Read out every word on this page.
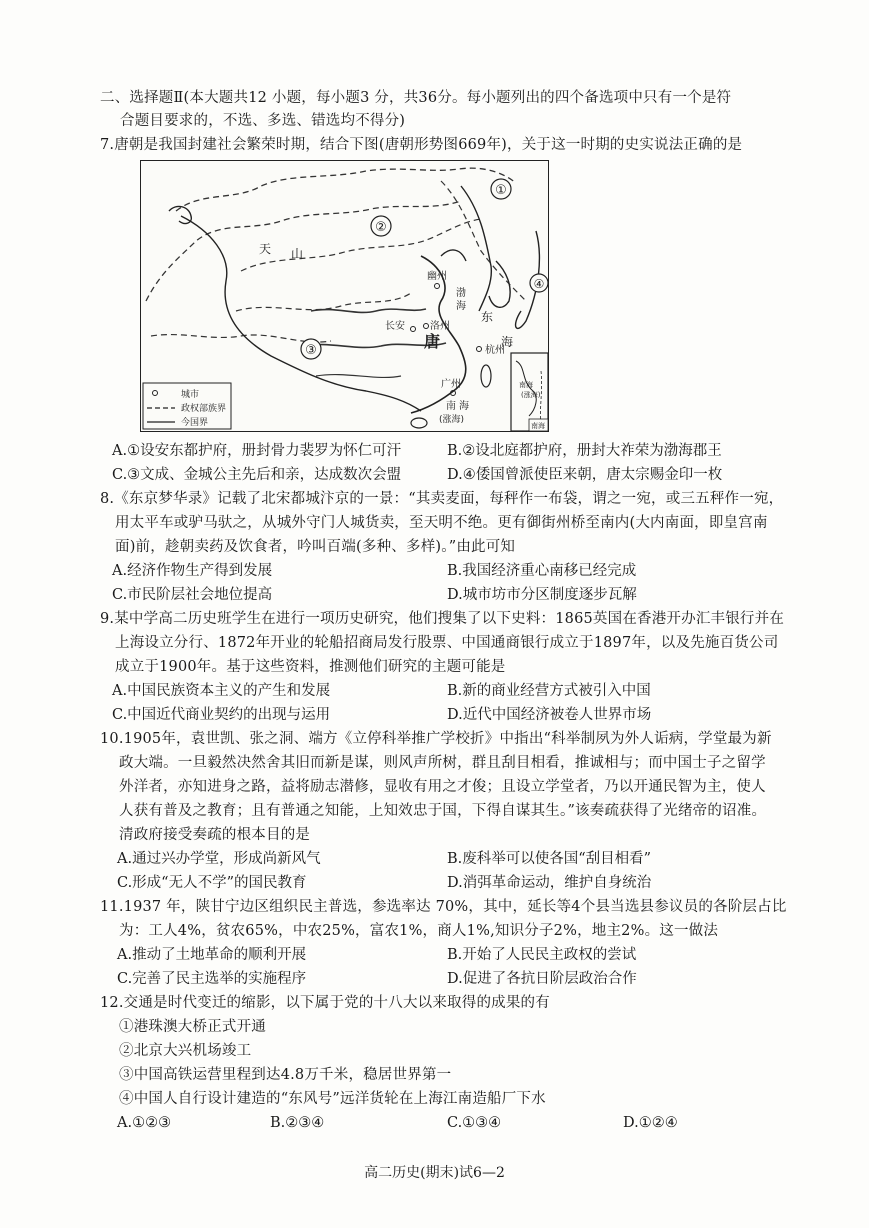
二、选择题Ⅱ(本大题共12 小题，每小题3 分，共36分。每小题列出的四个备选项中只有一个是符
合题目要求的，不选、多选、错选均不得分)
7.唐朝是我国封建社会繁荣时期，结合下图(唐朝形势图669年)，关于这一时期的史实说法正确的是
①
②
③
④
天 山
幽州
洛州
长安
唐	杭州
东
海
广州
南 海
(涨海)
渤
海
南海
(涨海)
南海
城市
政权部族界
今国界
A.①设安东都护府，册封骨力裴罗为怀仁可汗	B.②设北庭都护府，册封大祚荣为渤海郡王
C.③文成、金城公主先后和亲，达成数次会盟	D.④倭国曾派使臣来朝，唐太宗赐金印一枚
8.《东京梦华录》记载了北宋都城汴京的一景：“其卖麦面，每秤作一布袋，谓之一宛，或三五秤作一宛，
用太平车或驴马驮之，从城外守门人城货卖，至天明不绝。更有御街州桥至南内(大内南面，即皇宫南
面)前，趁朝卖药及饮食者，吟叫百端(多种、多样)。”由此可知
A.经济作物生产得到发展	B.我国经济重心南移已经完成
C.市民阶层社会地位提高	D.城市坊市分区制度逐步瓦解
9.某中学高二历史班学生在进行一项历史研究，他们搜集了以下史料：1865英国在香港开办汇丰银行并在
上海设立分行、1872年开业的轮船招商局发行股票、中国通商银行成立于1897年，以及先施百货公司
成立于1900年。基于这些资料，推测他们研究的主题可能是
A.中国民族资本主义的产生和发展	B.新的商业经营方式被引入中国
C.中国近代商业契约的出现与运用	D.近代中国经济被卷人世界市场
10.1905年，袁世凯、张之洞、端方《立停科举推广学校折》中指出“科举制夙为外人诟病，学堂最为新
政大端。一旦毅然决然舍其旧而新是谋，则风声所树，群且刮目相看，推诚相与；而中国士子之留学
外洋者，亦知进身之路，益将励志潜修，显收有用之才俊；且设立学堂者，乃以开通民智为主，使人
人获有普及之教育；且有普通之知能，上知效忠于国，下得自谋其生。”该奏疏获得了光绪帝的诏准。
清政府接受奏疏的根本目的是
A.通过兴办学堂，形成尚新风气	B.废科举可以使各国“刮目相看”
C.形成“无人不学”的国民教育	D.消弭革命运动，维护自身统治
11.1937 年，陕甘宁边区组织民主普选，参选率达 70%，其中，延长等4个县当选县参议员的各阶层占比
为：工人4%，贫农65%，中农25%，富农1%，商人1%,知识分子2%，地主2%。这一做法
A.推动了土地革命的顺利开展	B.开始了人民民主政权的尝试
C.完善了民主选举的实施程序	D.促进了各抗日阶层政治合作
12.交通是时代变迁的缩影，以下属于党的十八大以来取得的成果的有
①港珠澳大桥正式开通
②北京大兴机场竣工
③中国高铁运营里程到达4.8万千米，稳居世界第一
④中国人自行设计建造的“东风号”远洋货轮在上海江南造船厂下水
A.①②③	B.②③④	C.①③④	D.①②④
高二历史(期末)试6—2
